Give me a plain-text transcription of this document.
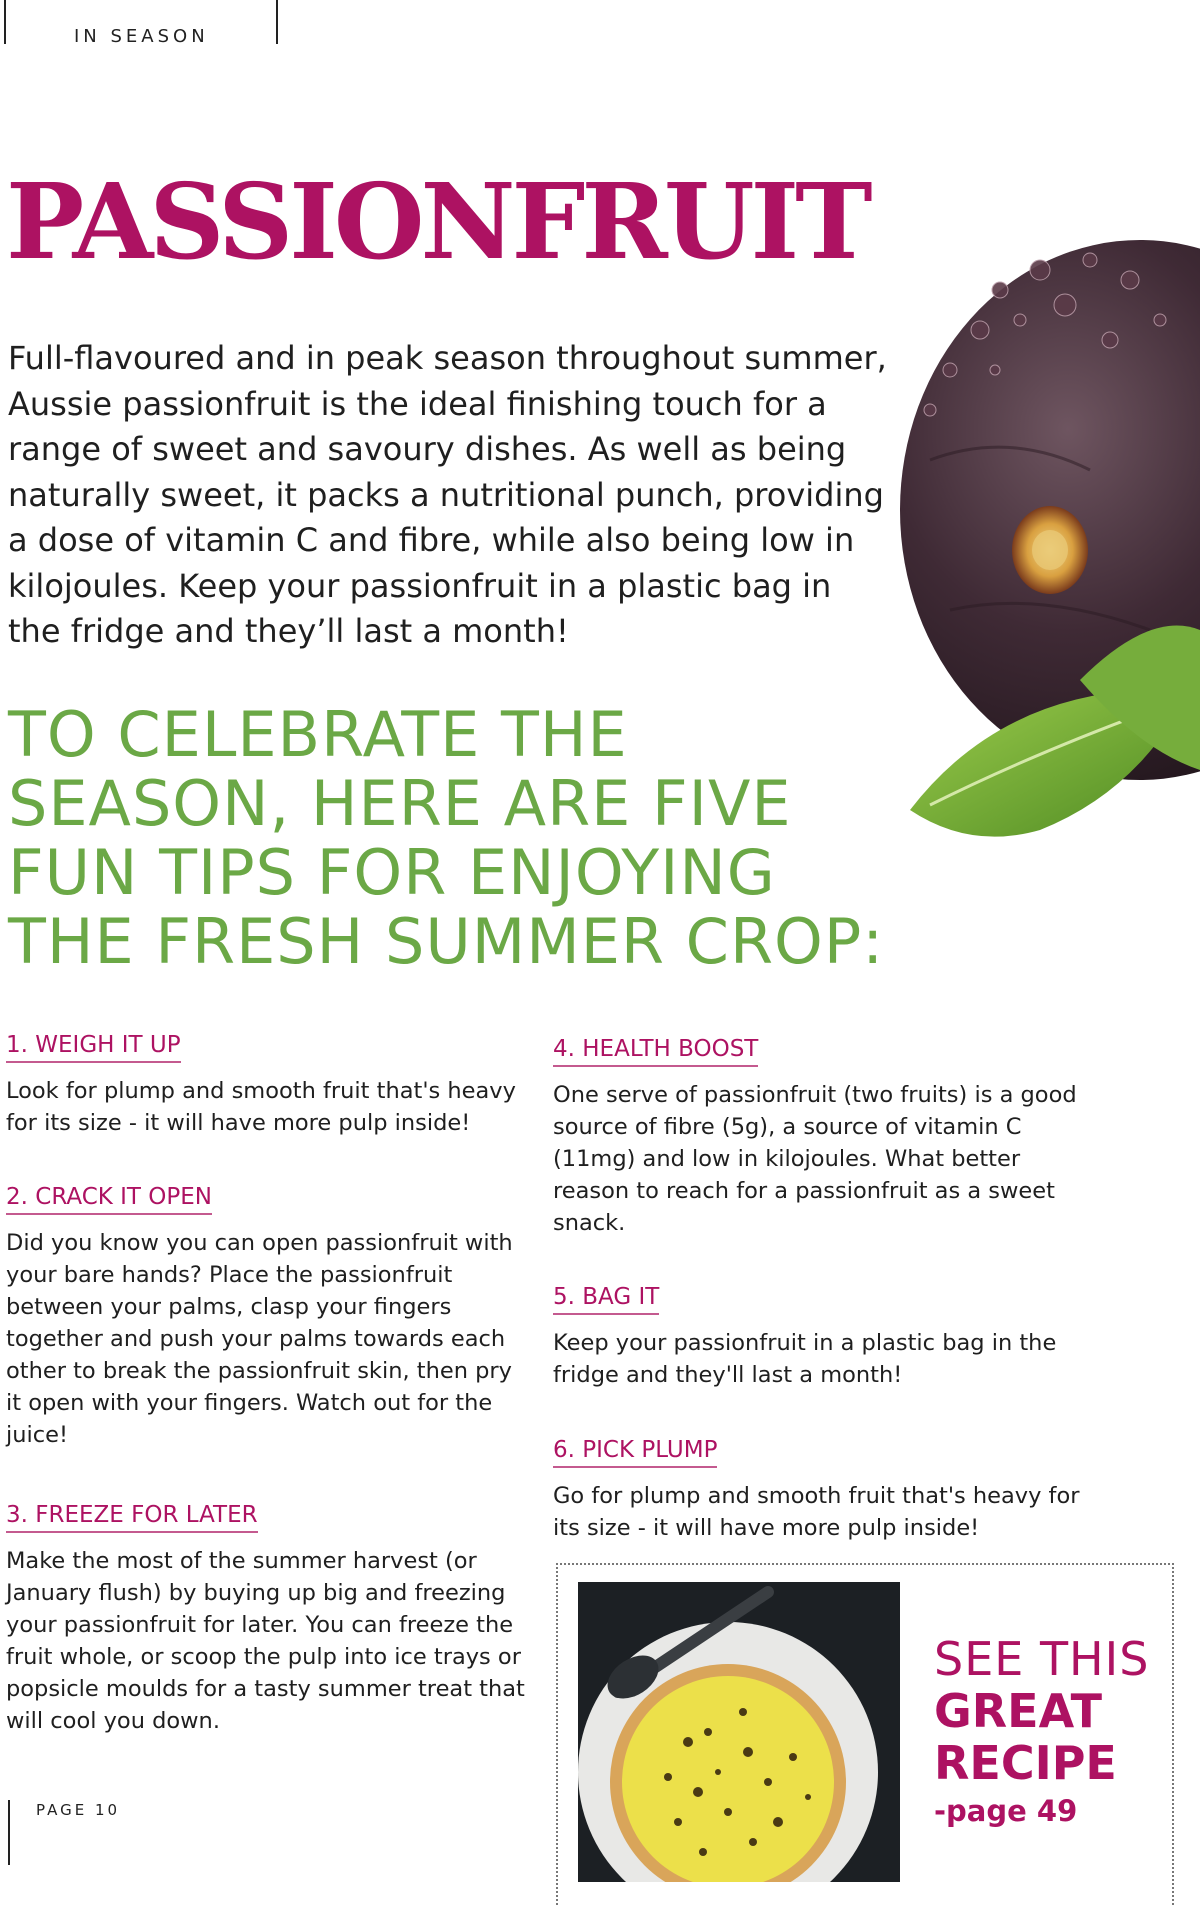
IN SEASON
PASSIONFRUIT

Full-flavoured and in peak season throughout summer, Aussie passionfruit is the ideal finishing touch for a range of sweet and savoury dishes. As well as being naturally sweet, it packs a nutritional punch, providing a dose of vitamin C and fibre, while also being low in kilojoules. Keep your passionfruit in a plastic bag in the fridge and they’ll last a month!

TO CELEBRATE THE SEASON, HERE ARE FIVE FUN TIPS FOR ENJOYING THE FRESH SUMMER CROP:
1. WEIGH IT UP

Look for plump and smooth fruit that's heavy for its size - it will have more pulp inside!

2. CRACK IT OPEN

Did you know you can open passionfruit with your bare hands? Place the passionfruit between your palms, clasp your fingers together and push your palms towards each other to break the passionfruit skin, then pry it open with your fingers. Watch out for the juice!

3. FREEZE FOR LATER

Make the most of the summer harvest (or January flush) by buying up big and freezing your passionfruit for later. You can freeze the fruit whole, or scoop the pulp into ice trays or popsicle moulds for a tasty summer treat that will cool you down.

4. HEALTH BOOST

One serve of passionfruit (two fruits) is a good source of fibre (5g), a source of vitamin C (11mg) and low in kilojoules. What better reason to reach for a passionfruit as a sweet snack.

5. BAG IT

Keep your passionfruit in a plastic bag in the fridge and they'll last a month!

6. PICK PLUMP

Go for plump and smooth fruit that's heavy for its size - it will have more pulp inside!

SEE THIS
GREAT
RECIPE
-page 49
PAGE 10
